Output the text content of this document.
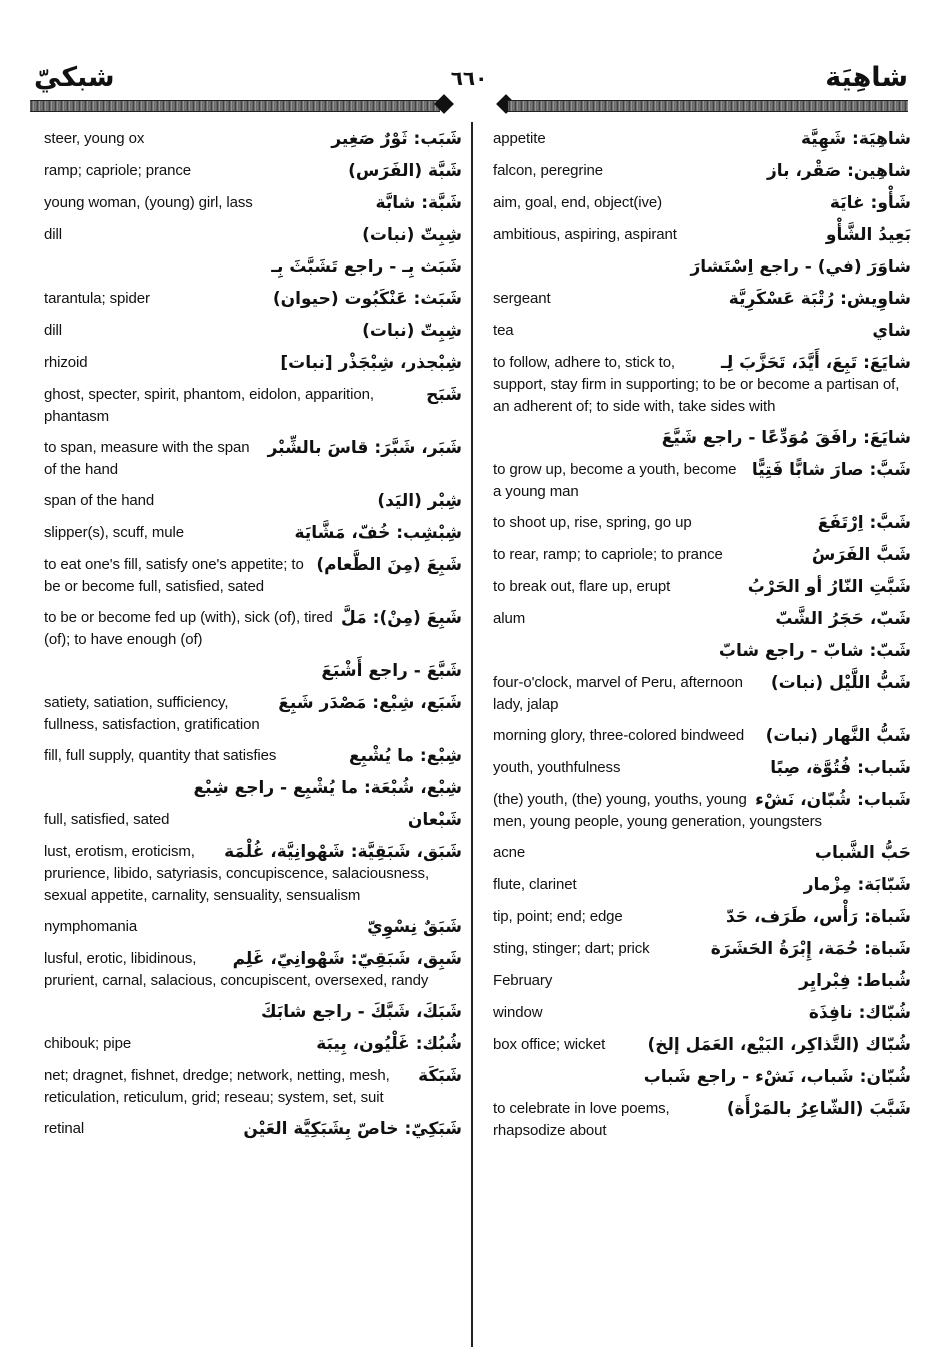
شبكيّ	٦٦٠	شاهِيَة
شَبَب: ثَوْرٌ صَغِير
steer, young ox
شَبَّة (الفَرَس)
ramp; capriole; prance
شَبَّة: شابَّة
young woman, (young) girl, lass
شِبِتّ (نبات)
dill
شَبَث بِـ - راجع تَشَبَّثَ بِـ
شَبَث: عَنْكَبُوت (حيوان)
tarantula; spider
شِبِتّ (نبات)
dill
شِبْجذر، شِبْجَذْر [نبات]
rhizoid
شَبَح
ghost, specter, spirit, phantom, eidolon, apparition, phantasm
شَبَر، شَبَّرَ: قاسَ بالشِّبْر
to span, measure with the span of the hand
شِبْر (اليَد)
span of the hand
شِبْشِب: خُفّ، مَشَّايَة
slipper(s), scuff, mule
شَبِعَ (مِنَ الطَّعام)
to eat one's fill, satisfy one's appetite; to be or become full, satisfied, sated
شَبِعَ (مِنْ): مَلَّ
to be or become fed up (with), sick (of), tired (of); to have enough (of)
شَبَّعَ - راجع أَشْبَعَ
شَبَع، شِبْع: مَصْدَر شَبِعَ
satiety, satiation, sufficiency, fullness, satisfaction, gratification
شِبْع: ما يُشْبِع
fill, full supply, quantity that satisfies
شِبْع، شُبْعَة: ما يُشْبِع - راجع شِبْع
شَبْعان
full, satisfied, sated
شَبَق، شَبَقِيَّة: شَهْوانِيَّة، غُلْمَة
lust, erotism, eroticism, prurience, libido, satyriasis, concupiscence, salaciousness, sexual appetite, carnality, sensuality, sensualism
شَبَقٌ نِسْوِيّ
nymphomania
شَبِق، شَبَقِيّ: شَهْوانِيّ، غَلِم
lusful, erotic, libidinous, prurient, carnal, salacious, concupiscent, oversexed, randy
شَبَكَ، شَبَّكَ - راجع شابَكَ
شُبُك: غَلْيُون، بِيبَة
chibouk; pipe
شَبَكَة
net; dragnet, fishnet, dredge; network, netting, mesh, reticulation, reticulum, grid; reseau; system, set, suit
شَبَكِيّ: خاصّ بِشَبَكِيَّة العَيْن
retinal
شاهِيَة: شَهِيَّة
appetite
شاهِين: صَقْر، باز
falcon, peregrine
شَأْو: غايَة
aim, goal, end, object(ive)
بَعِيدُ الشَّأْو
ambitious, aspiring, aspirant
شاوَرَ (في) - راجع اِسْتَشارَ
شاوِيش: رُتْبَة عَسْكَرِيَّة
sergeant
شاي
tea
شايَعَ: تَبِعَ، أَيَّدَ، تَحَزَّبَ لِـ
to follow, adhere to, stick to, support, stay firm in supporting; to be or become a partisan of, an adherent of; to side with, take sides with
شايَعَ: رافَقَ مُوَدِّعًا - راجع شَيَّعَ
شَبَّ: صارَ شابًّا فَتِيًّا
to grow up, become a youth, become a young man
شَبَّ: اِرْتَفَعَ
to shoot up, rise, spring, go up
شَبَّ الفَرَسُ
to rear, ramp; to capriole; to prance
شَبَّتِ النّارُ أو الحَرْبُ
to break out, flare up, erupt
شَبّ، حَجَرُ الشَّبّ
alum
شَبّ: شابّ - راجع شابّ
شَبُّ اللَّيْل (نبات)
four-o'clock, marvel of Peru, afternoon lady, jalap
شَبُّ النَّهار (نبات)
morning glory, three-colored bindweed
شَباب: فُتُوَّة، صِبًا
youth, youthfulness
شَباب: شُبّان، نَشْء
(the) youth, (the) young, youths, young men, young people, young generation, youngsters
حَبُّ الشَّباب
acne
شَبّابَة: مِزْمار
flute, clarinet
شَباة: رَأْس، طَرَف، حَدّ
tip, point; end; edge
شَباة: حُمَة، إِبْرَةُ الحَشَرَة
sting, stinger; dart; prick
شُباط: فِبْرايِر
February
شُبّاك: نافِذَة
window
شُبّاك (التَّذاكِر، البَيْع، العَمَل إلخ)
box office; wicket
شُبّان: شَباب، نَشْء - راجع شَباب
شَبَّبَ (الشّاعِرُ بالمَرْأَة)
to celebrate in love poems, rhapsodize about
